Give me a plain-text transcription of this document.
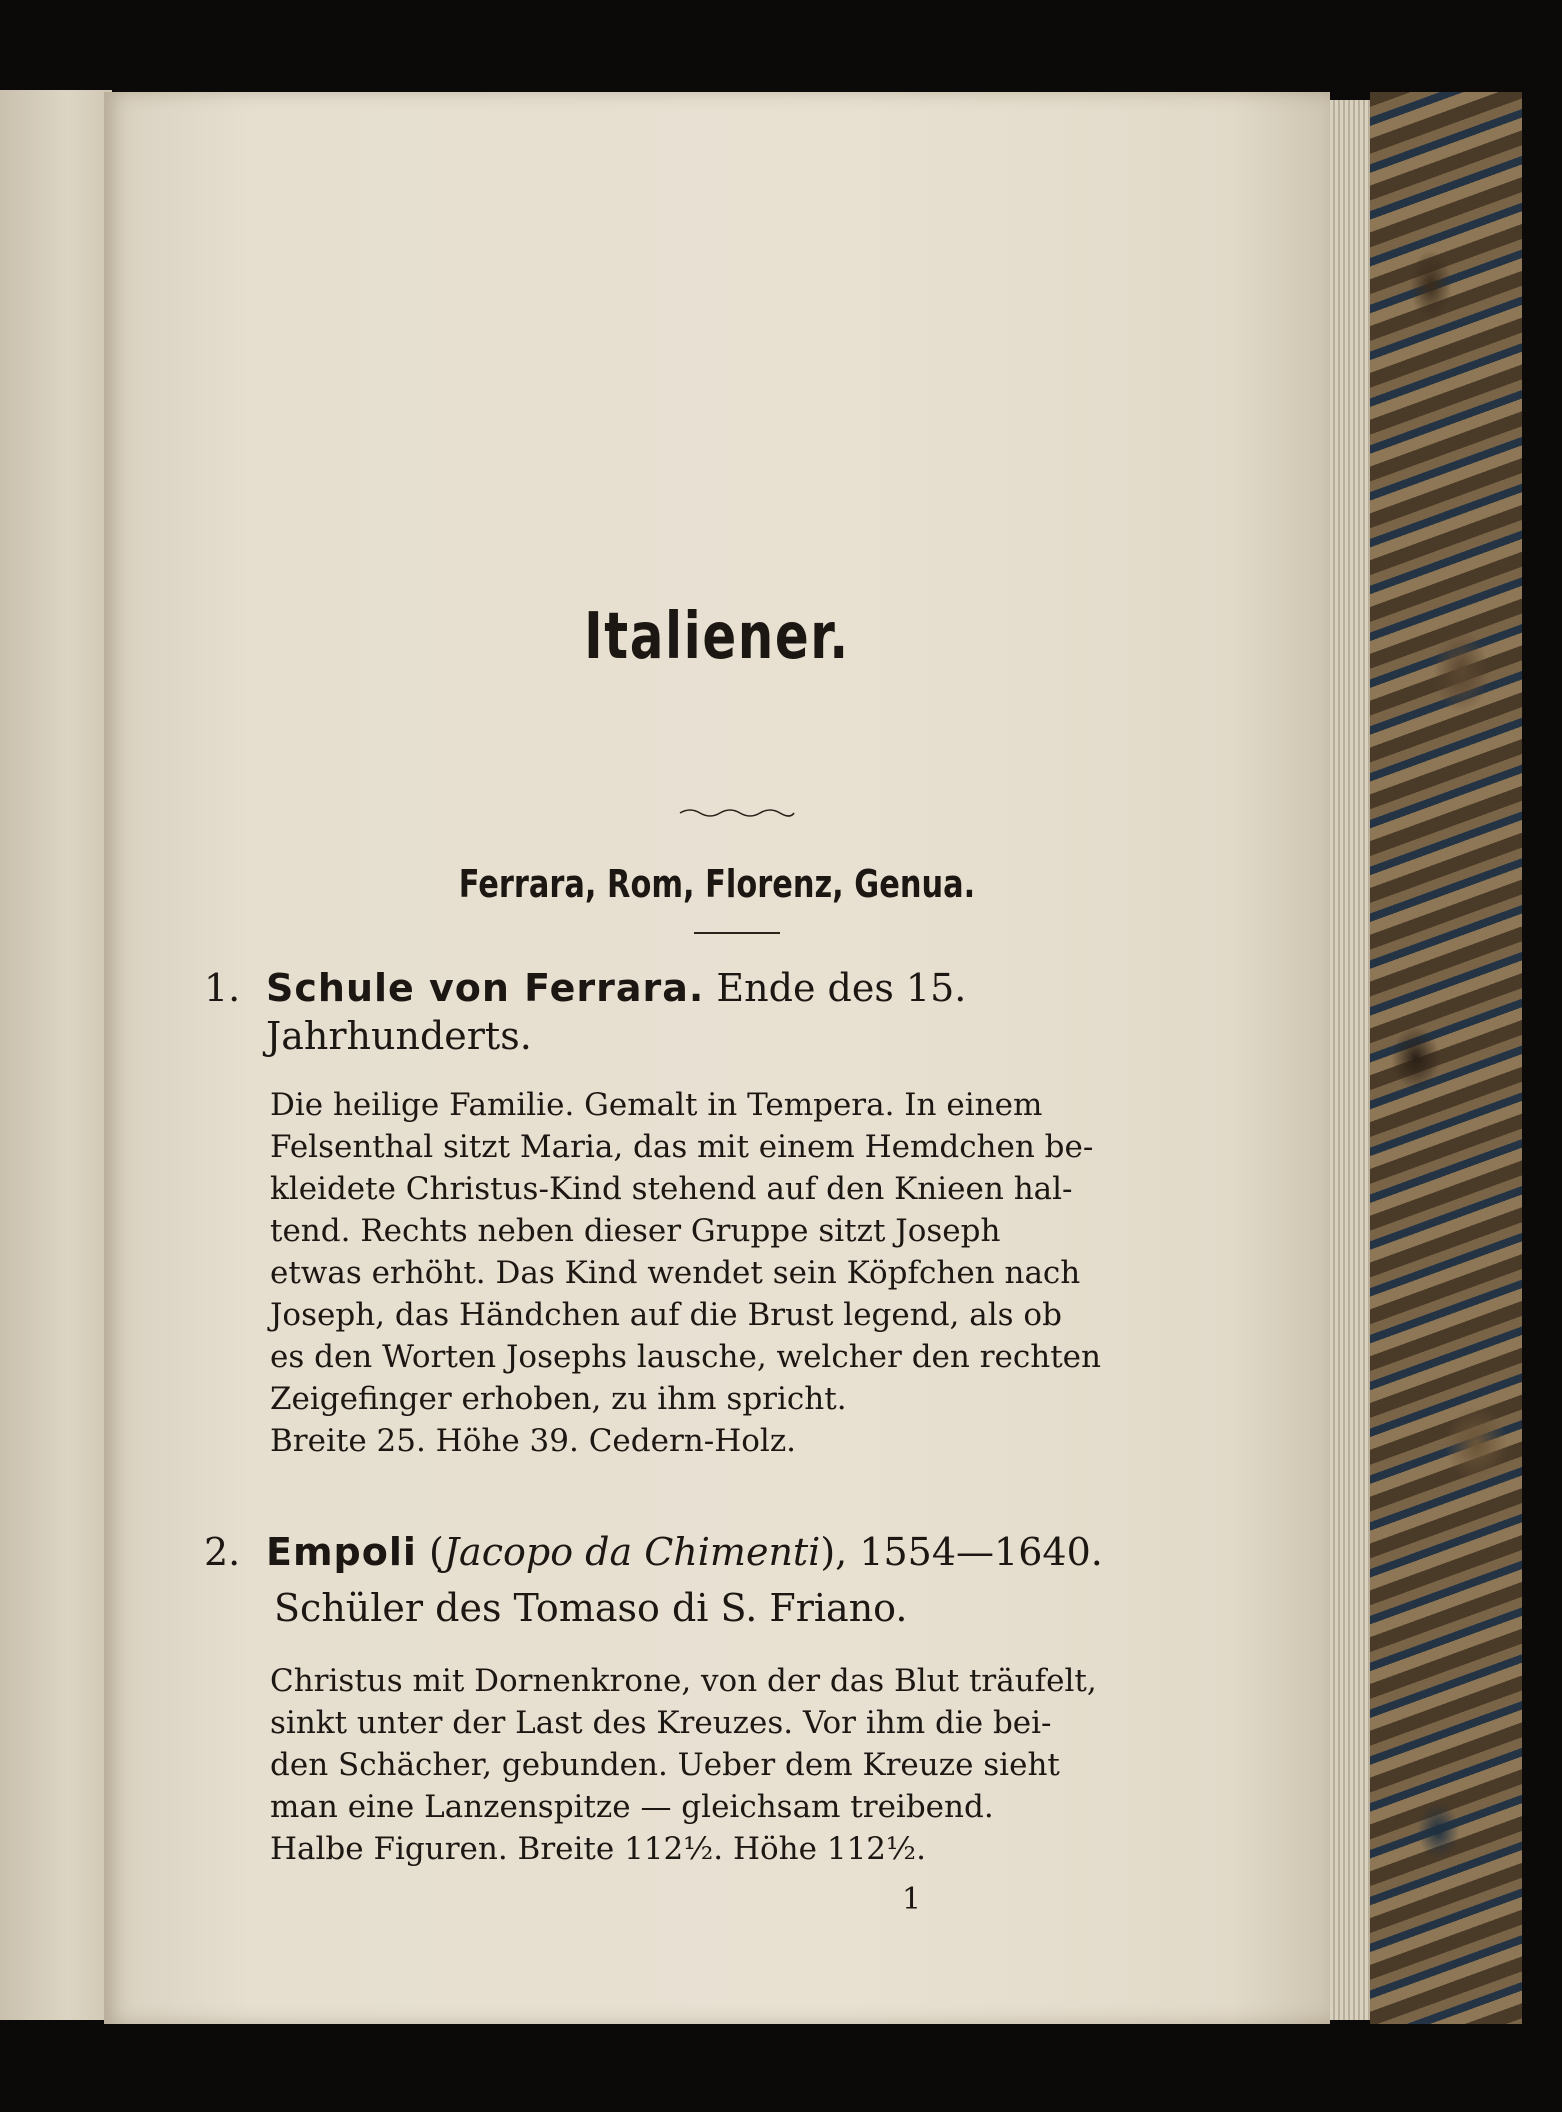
Italiener.
Ferrara, Rom, Florenz, Genua.
1. Schule von Ferrara. Ende des 15.
Jahrhunderts.
Die heilige Familie. Gemalt in Tempera. In einem
Felsenthal sitzt Maria, das mit einem Hemdchen be-
kleidete Christus-Kind stehend auf den Knieen hal-
tend. Rechts neben dieser Gruppe sitzt Joseph
etwas erhöht. Das Kind wendet sein Köpfchen nach
Joseph, das Händchen auf die Brust legend, als ob
es den Worten Josephs lausche, welcher den rechten
Zeigefinger erhoben, zu ihm spricht.
Breite 25. Höhe 39. Cedern-Holz.
2. Empoli (Jacopo da Chimenti), 1554—1640.
Schüler des Tomaso di S. Friano.
Christus mit Dornenkrone, von der das Blut träufelt,
sinkt unter der Last des Kreuzes. Vor ihm die bei-
den Schächer, gebunden. Ueber dem Kreuze sieht
man eine Lanzenspitze — gleichsam treibend.
Halbe Figuren. Breite 112½. Höhe 112½.
1
